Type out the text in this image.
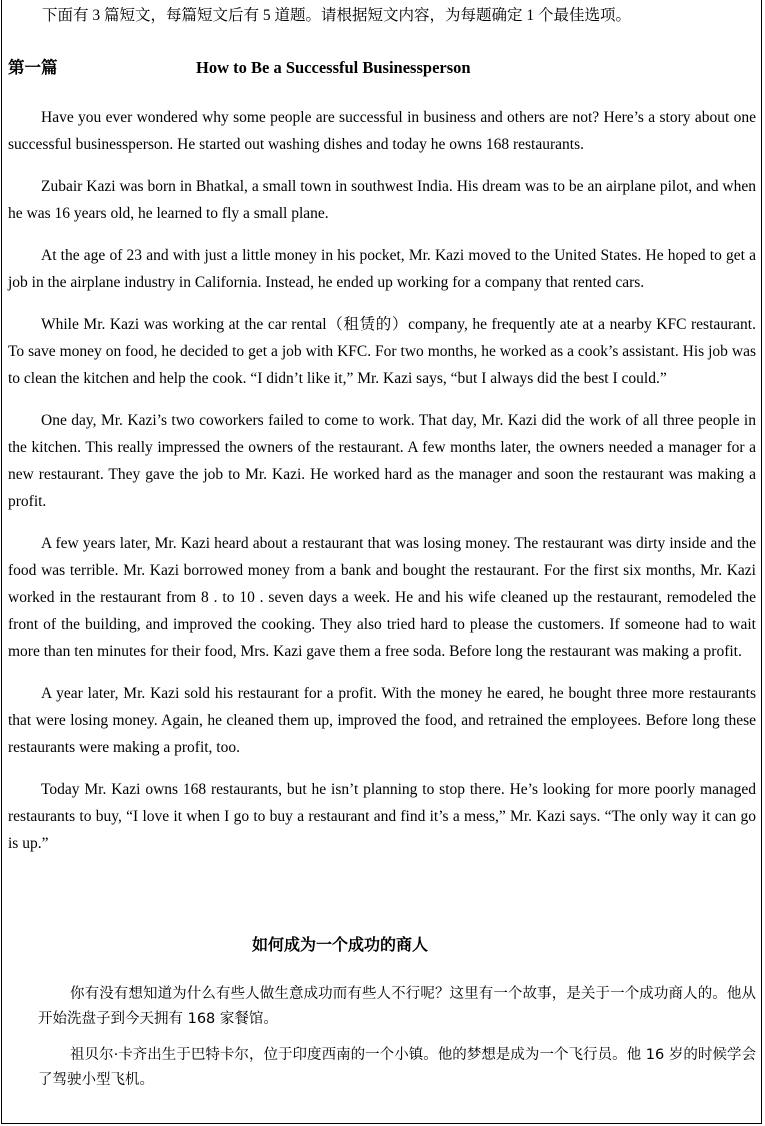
下面有 3 篇短文，每篇短文后有 5 道题。请根据短文内容，为每题确定 1 个最佳选项。
第一篇	How to Be a Successful Businessperson

Have you ever wondered why some people are successful in business and others are not? Here’s a story about one successful businessperson. He started out washing dishes and today he owns 168 restaurants.

Zubair Kazi was born in Bhatkal, a small town in southwest India. His dream was to be an airplane pilot, and when he was 16 years old, he learned to fly a small plane.

At the age of 23 and with just a little money in his pocket, Mr. Kazi moved to the United States. He hoped to get a job in the airplane industry in California. Instead, he ended up working for a company that rented cars.

While Mr. Kazi was working at the car rental（租赁的）company, he frequently ate at a nearby KFC restaurant. To save money on food, he decided to get a job with KFC. For two months, he worked as a cook’s assistant. His job was to clean the kitchen and help the cook. “I didn’t like it,” Mr. Kazi says, “but I always did the best I could.”

One day, Mr. Kazi’s two coworkers failed to come to work. That day, Mr. Kazi did the work of all three people in the kitchen. This really impressed the owners of the restaurant. A few months later, the owners needed a manager for a new restaurant. They gave the job to Mr. Kazi. He worked hard as the manager and soon the restaurant was making a profit.

A few years later, Mr. Kazi heard about a restaurant that was losing money. The restaurant was dirty inside and the food was terrible. Mr. Kazi borrowed money from a bank and bought the restaurant. For the first six months, Mr. Kazi worked in the restaurant from 8 . to 10 . seven days a week. He and his wife cleaned up the restaurant, remodeled the front of the building, and improved the cooking. They also tried hard to please the customers. If someone had to wait more than ten minutes for their food, Mrs. Kazi gave them a free soda. Before long the restaurant was making a profit.

A year later, Mr. Kazi sold his restaurant for a profit. With the money he eared, he bought three more restaurants that were losing money. Again, he cleaned them up, improved the food, and retrained the employees. Before long these restaurants were making a profit, too.

Today Mr. Kazi owns 168 restaurants, but he isn’t planning to stop there. He’s looking for more poorly managed restaurants to buy, “I love it when I go to buy a restaurant and find it’s a mess,” Mr. Kazi says. “The only way it can go is up.”

如何成为一个成功的商人

你有没有想知道为什么有些人做生意成功而有些人不行呢？这里有一个故事，是关于一个成功商人的。他从开始洗盘子到今天拥有 168 家餐馆。

祖贝尔·卡齐出生于巴特卡尔，位于印度西南的一个小镇。他的梦想是成为一个飞行员。他 16 岁的时候学会了驾驶小型飞机。
